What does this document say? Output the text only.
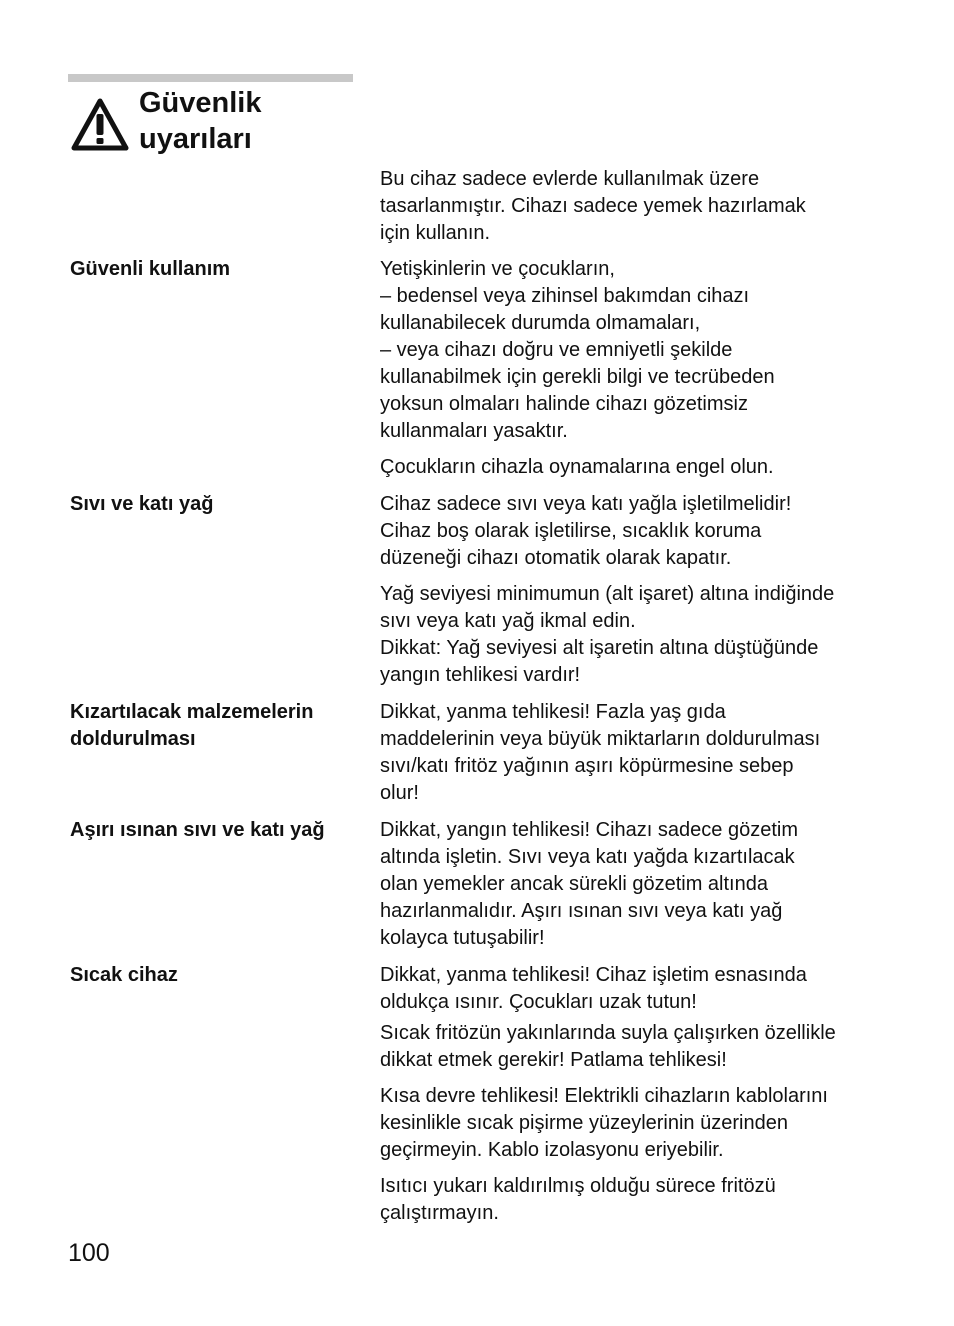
Güvenlik
uyarıları

Bu cihaz sadece evlerde kullanılmak üzere
tasarlanmıştır. Cihazı sadece yemek hazırlamak
için kullanın.

Güvenli kullanım	Yetişkinlerin ve çocukların,
– bedensel veya zihinsel bakımdan cihazı
kullanabilecek durumda olmamaları,
– veya cihazı doğru ve emniyetli şekilde
kullanabilmek için gerekli bilgi ve tecrübeden
yoksun olmaları halinde cihazı gözetimsiz
kullanmaları yasaktır.

Çocukların cihazla oynamalarına engel olun.

Sıvı ve katı yağ	Cihaz sadece sıvı veya katı yağla işletilmelidir!
Cihaz boş olarak işletilirse, sıcaklık koruma
düzeneği cihazı otomatik olarak kapatır.

Yağ seviyesi minimumun (alt işaret) altına indiğinde
sıvı veya katı yağ ikmal edin.
Dikkat: Yağ seviyesi alt işaretin altına düştüğünde
yangın tehlikesi vardır!

Kızartılacak malzemelerin
doldurulması

Dikkat, yanma tehlikesi! Fazla yaş gıda
maddelerinin veya büyük miktarların doldurulması
sıvı/katı fritöz yağının aşırı köpürmesine sebep
olur!

Aşırı ısınan sıvı ve katı yağ	Dikkat, yangın tehlikesi! Cihazı sadece gözetim
altında işletin. Sıvı veya katı yağda kızartılacak
olan yemekler ancak sürekli gözetim altında
hazırlanmalıdır. Aşırı ısınan sıvı veya katı yağ
kolayca tutuşabilir!

Sıcak cihaz	Dikkat, yanma tehlikesi! Cihaz işletim esnasında
oldukça ısınır. Çocukları uzak tutun!

Sıcak fritözün yakınlarında suyla çalışırken özellikle
dikkat etmek gerekir! Patlama tehlikesi!

Kısa devre tehlikesi! Elektrikli cihazların kablolarını
kesinlikle sıcak pişirme yüzeylerinin üzerinden
geçirmeyin. Kablo izolasyonu eriyebilir.

Isıtıcı yukarı kaldırılmış olduğu sürece fritözü
çalıştırmayın.

100
